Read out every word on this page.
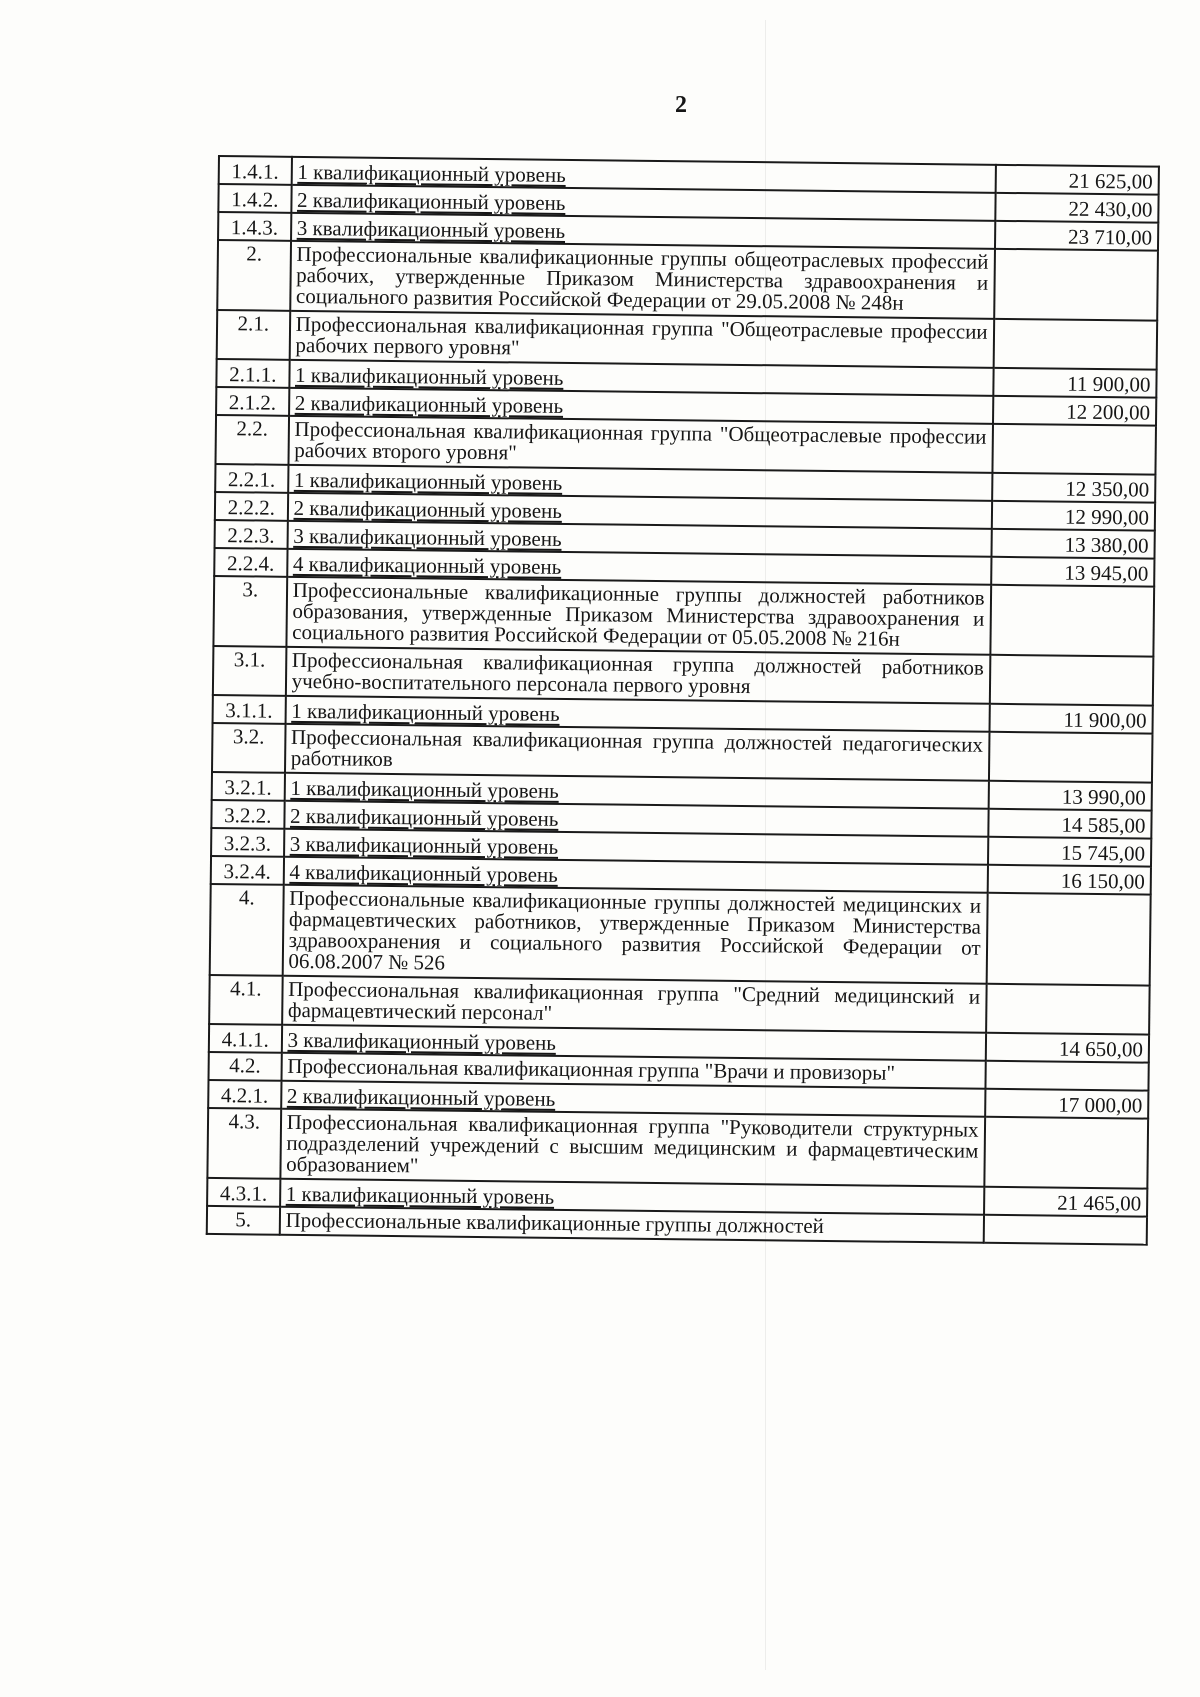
2
1.4.1.	1 квалификационный уровень	21 625,00
1.4.2.	2 квалификационный уровень	22 430,00
1.4.3.	3 квалификационный уровень	23 710,00
2.	Профессиональные квалификационные группы общеотраслевых профессий рабочих, утвержденные Приказом Министерства здравоохранения и социального развития Российской Федерации от 29.05.2008 № 248н	
2.1.	Профессиональная квалификационная группа "Общеотраслевые профессии рабочих первого уровня"	
2.1.1.	1 квалификационный уровень	11 900,00
2.1.2.	2 квалификационный уровень	12 200,00
2.2.	Профессиональная квалификационная группа "Общеотраслевые профессии рабочих второго уровня"	
2.2.1.	1 квалификационный уровень	12 350,00
2.2.2.	2 квалификационный уровень	12 990,00
2.2.3.	3 квалификационный уровень	13 380,00
2.2.4.	4 квалификационный уровень	13 945,00
3.	Профессиональные квалификационные группы должностей работников образования, утвержденные Приказом Министерства здравоохранения и социального развития Российской Федерации от 05.05.2008 № 216н	
3.1.	Профессиональная квалификационная группа должностей работников учебно-воспитательного персонала первого уровня	
3.1.1.	1 квалификационный уровень	11 900,00
3.2.	Профессиональная квалификационная группа должностей педагогических работников	
3.2.1.	1 квалификационный уровень	13 990,00
3.2.2.	2 квалификационный уровень	14 585,00
3.2.3.	3 квалификационный уровень	15 745,00
3.2.4.	4 квалификационный уровень	16 150,00
4.	Профессиональные квалификационные группы должностей медицинских и фармацевтических работников, утвержденные Приказом Министерства здравоохранения и социального развития Российской Федерации от 06.08.2007 № 526	
4.1.	Профессиональная квалификационная группа "Средний медицинский и фармацевтический персонал"	
4.1.1.	3 квалификационный уровень	14 650,00
4.2.	Профессиональная квалификационная группа "Врачи и провизоры"	
4.2.1.	2 квалификационный уровень	17 000,00
4.3.	Профессиональная квалификационная группа "Руководители структурных подразделений учреждений с высшим медицинским и фармацевтическим образованием"	
4.3.1.	1 квалификационный уровень	21 465,00
5.	Профессиональные квалификационные группы должностей	
